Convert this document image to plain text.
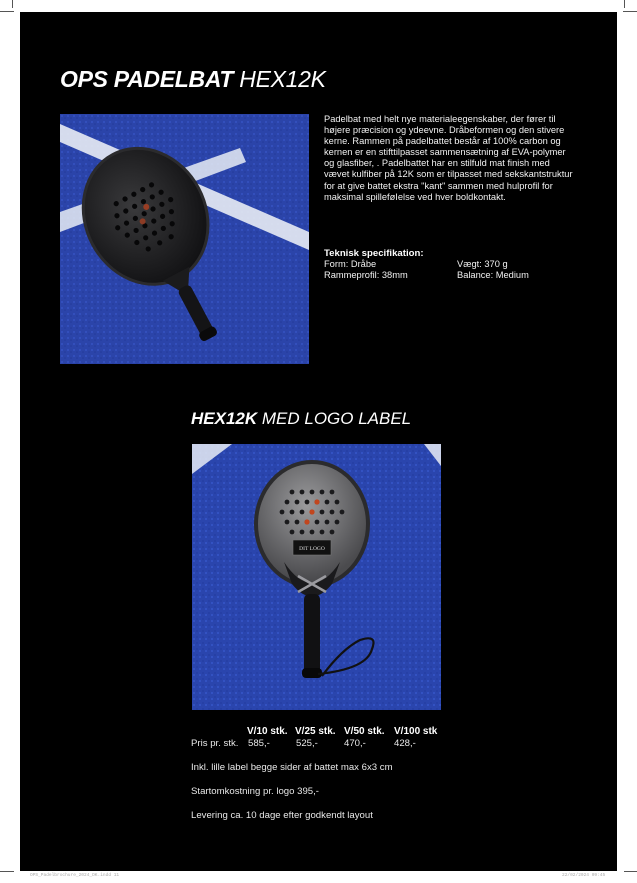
OPS PADELBAT HEX12K

Padelbat med helt nye materialeegenskaber, der fører til højere præcision og ydeevne. Dråbeformen og den stivere kerne. Rammen på padelbattet består af 100% carbon og kernen er en stifttilpasset sammensætning af EVA-polymer og glasfiber, . Padelbattet har en stilfuld mat finish med vævet kulfiber på 12K som er tilpasset med sekskantstruktur for at give battet ekstra "kant" sammen med hulprofil for maksimal spilleføIelse ved hver boldkontakt.

Teknisk specifikation:

Form: Dråbe	Vægt: 370 g

Rammeprofil: 38mm	Balance: Medium

HEX12K MED LOGO LABEL
DIT LOGO
V/10 stk. V/25 stk. V/50 stk. V/100 stk
Pris pr. stk. 585,-	525,-	470,-	428,-

Inkl. lille label begge sider af battet max 6x3 cm

Startomkostning pr. logo 395,-

Levering ca. 10 dage efter godkendt layout

OPS_Padelbrochure_2024_DK.indd 11	22/02/2024 09:45
